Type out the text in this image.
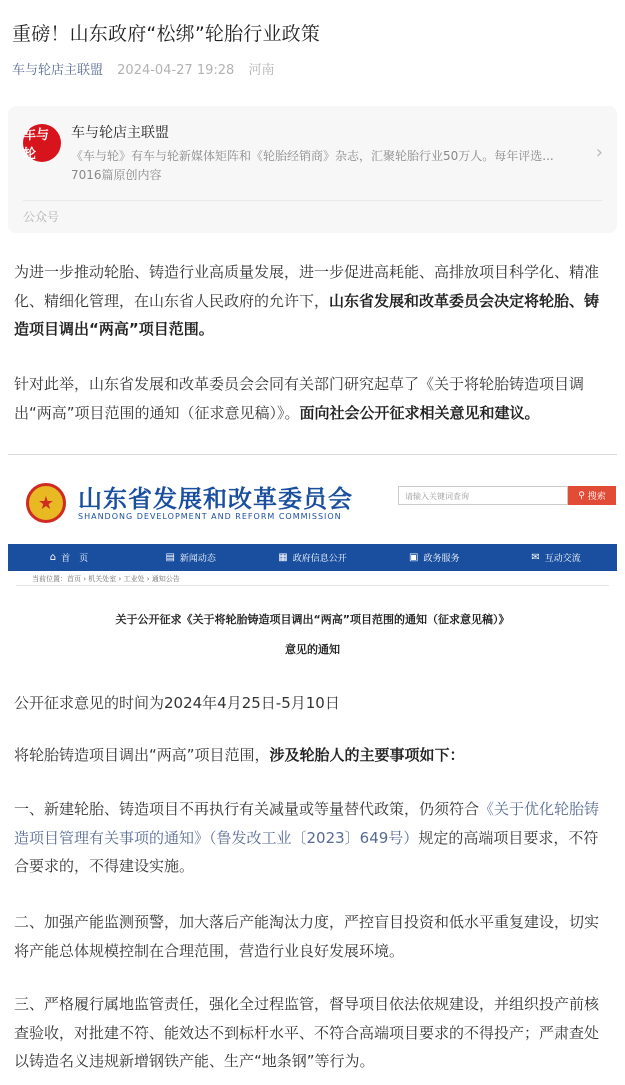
重磅！山东政府“松绑”轮胎行业政策
车与轮店主联盟 2024-04-27 19:28 河南
车与轮
车与轮店主联盟
《车与轮》有车与轮新媒体矩阵和《轮胎经销商》杂志，汇聚轮胎行业50万人。每年评选...
7016篇原创内容
›
公众号
为进一步推动轮胎、铸造行业高质量发展，进一步促进高耗能、高排放项目科学化、精准化、精细化管理，在山东省人民政府的允许下，山东省发展和改革委员会决定将轮胎、铸造项目调出“两高”项目范围。
针对此举，山东省发展和改革委员会会同有关部门研究起草了《关于将轮胎铸造项目调出“两高”项目范围的通知（征求意见稿）》。面向社会公开征求相关意见和建议。
★ 山东省发展和改革委员会
SHANDONG DEVELOPMENT AND REFORM COMMISSION
请输入关键词查询	⚲ 搜索
⌂ 首　页	▤ 新闻动态	▦ 政府信息公开	▣ 政务服务	✉ 互动交流
当前位置：首页 › 机关处室 › 工业处 › 通知公告
关于公开征求《关于将轮胎铸造项目调出“两高”项目范围的通知（征求意见稿）》
意见的通知
公开征求意见的时间为2024年4月25日-5月10日
将轮胎铸造项目调出“两高”项目范围，涉及轮胎人的主要事项如下：
一、新建轮胎、铸造项目不再执行有关减量或等量替代政策，仍须符合《关于优化轮胎铸造项目管理有关事项的通知》（鲁发改工业〔2023〕649号）规定的高端项目要求，不符合要求的，不得建设实施。
二、加强产能监测预警，加大落后产能淘汰力度，严控盲目投资和低水平重复建设，切实将产能总体规模控制在合理范围，营造行业良好发展环境。
三、严格履行属地监管责任，强化全过程监管，督导项目依法依规建设，并组织投产前核查验收，对批建不符、能效达不到标杆水平、不符合高端项目要求的不得投产；严肃查处以铸造名义违规新增钢铁产能、生产“地条钢”等行为。
